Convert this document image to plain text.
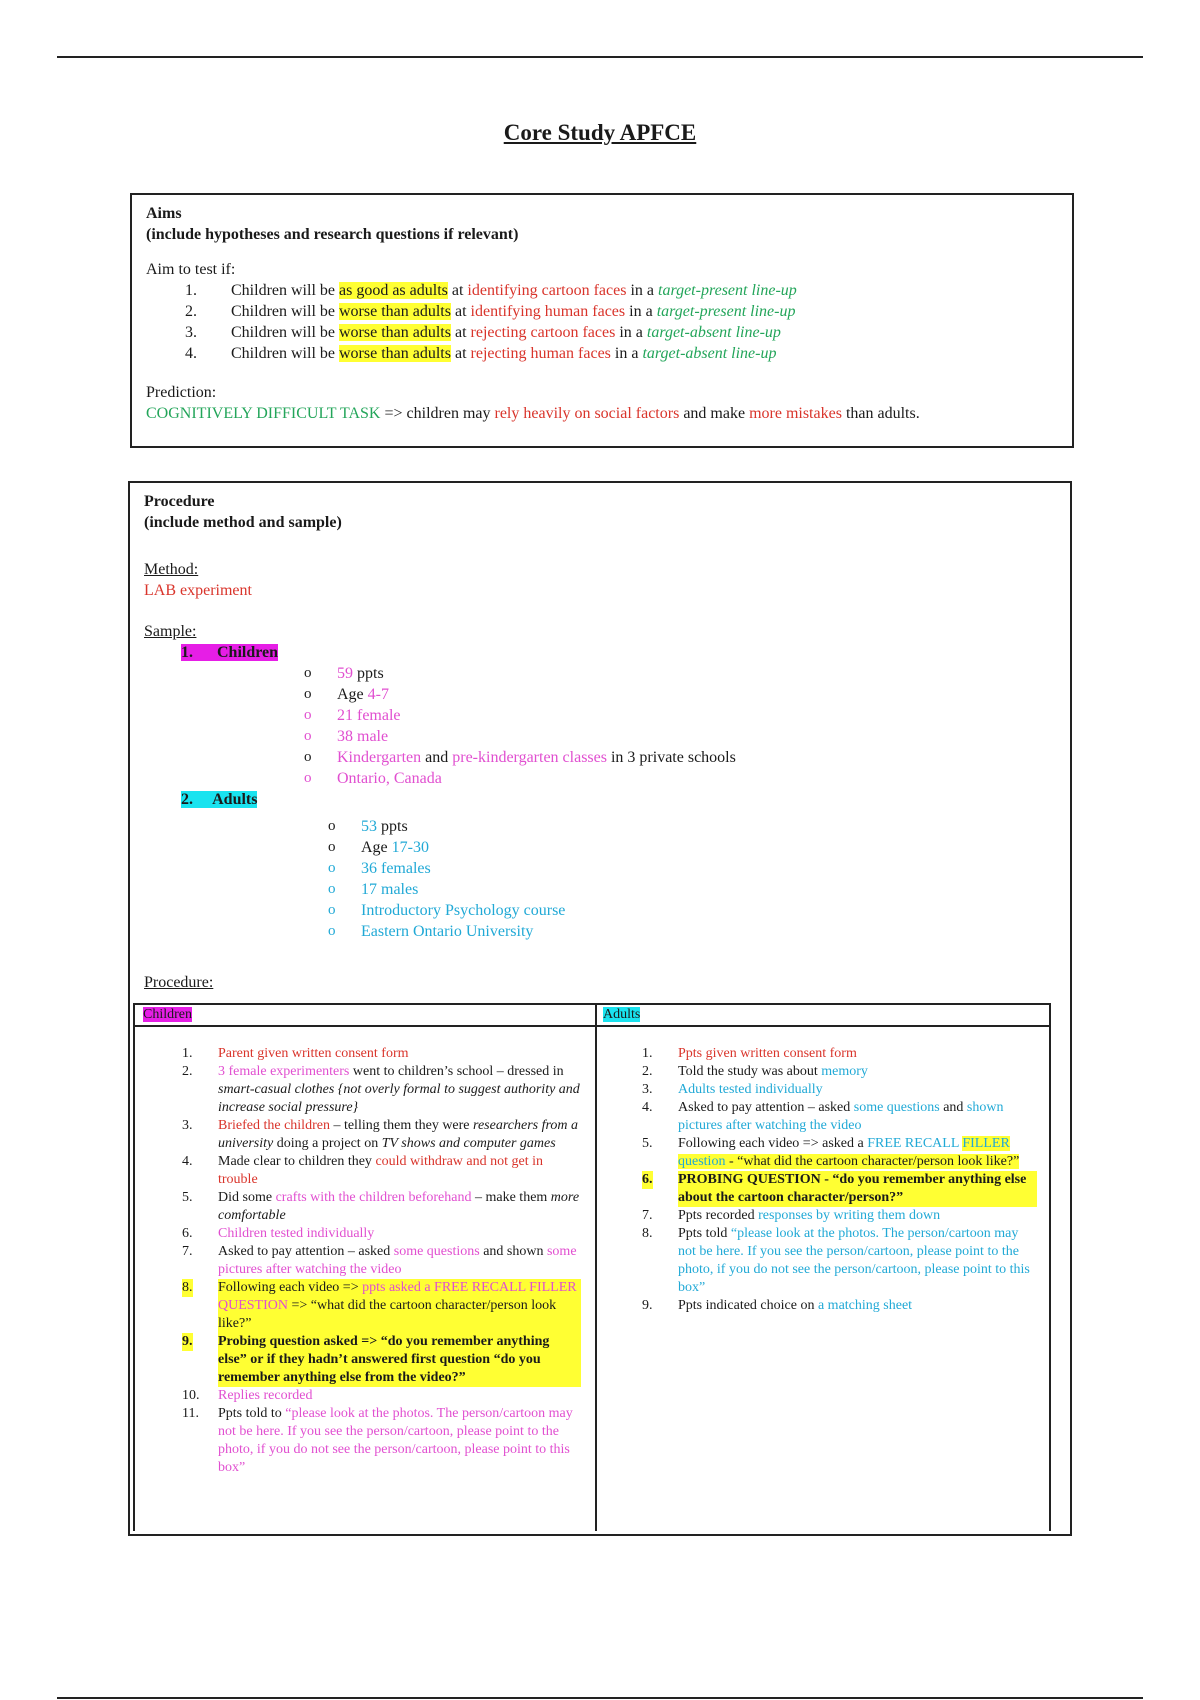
Core Study APFCE
Aims
(include hypotheses and research questions if relevant)
Aim to test if:
1. Children will be as good as adults at identifying cartoon faces in a target-present line-up
2. Children will be worse than adults at identifying human faces in a target-present line-up
3. Children will be worse than adults at rejecting cartoon faces in a target-absent line-up
4. Children will be worse than adults at rejecting human faces in a target-absent line-up
Prediction:
COGNITIVELY DIFFICULT TASK => children may rely heavily on social factors and make more mistakes than adults.
Procedure
(include method and sample)
Method:
LAB experiment
Sample:
1.      Children
o 59 ppts
o Age 4-7
o 21 female
o 38 male
o Kindergarten and pre-kindergarten classes in 3 private schools
o Ontario, Canada
2.     Adults
o 53 ppts
o Age 17-30
o 36 females
o 17 males
o Introductory Psychology course
o Eastern Ontario University
Procedure:
Children
1. Parent given written consent form
2. 3 female experimenters went to children’s school – dressed in smart-casual clothes {not overly formal to suggest authority and increase social pressure}
3. Briefed the children – telling them they were researchers from a university doing a project on TV shows and computer games
4. Made clear to children they could withdraw and not get in trouble
5. Did some crafts with the children beforehand – make them more comfortable
6. Children tested individually
7. Asked to pay attention – asked some questions and shown some pictures after watching the video
8. Following each video => ppts asked a FREE RECALL FILLER QUESTION => “what did the cartoon character/person look like?”
9. Probing question asked => “do you remember anything else” or if they hadn’t answered first question “do you remember anything else from the video?”
10. Replies recorded
11. Ppts told to “please look at the photos. The person/cartoon may not be here. If you see the person/cartoon, please point to the photo, if you do not see the person/cartoon, please point to this box”
Adults
1. Ppts given written consent form
2. Told the study was about memory
3. Adults tested individually
4. Asked to pay attention – asked some questions and shown pictures after watching the video
5. Following each video => asked a FREE RECALL FILLER question - “what did the cartoon character/person look like?”
6. PROBING QUESTION - “do you remember anything else about the cartoon character/person?”
7. Ppts recorded responses by writing them down
8. Ppts told “please look at the photos. The person/cartoon may not be here. If you see the person/cartoon, please point to the photo, if you do not see the person/cartoon, please point to this box”
9. Ppts indicated choice on a matching sheet
